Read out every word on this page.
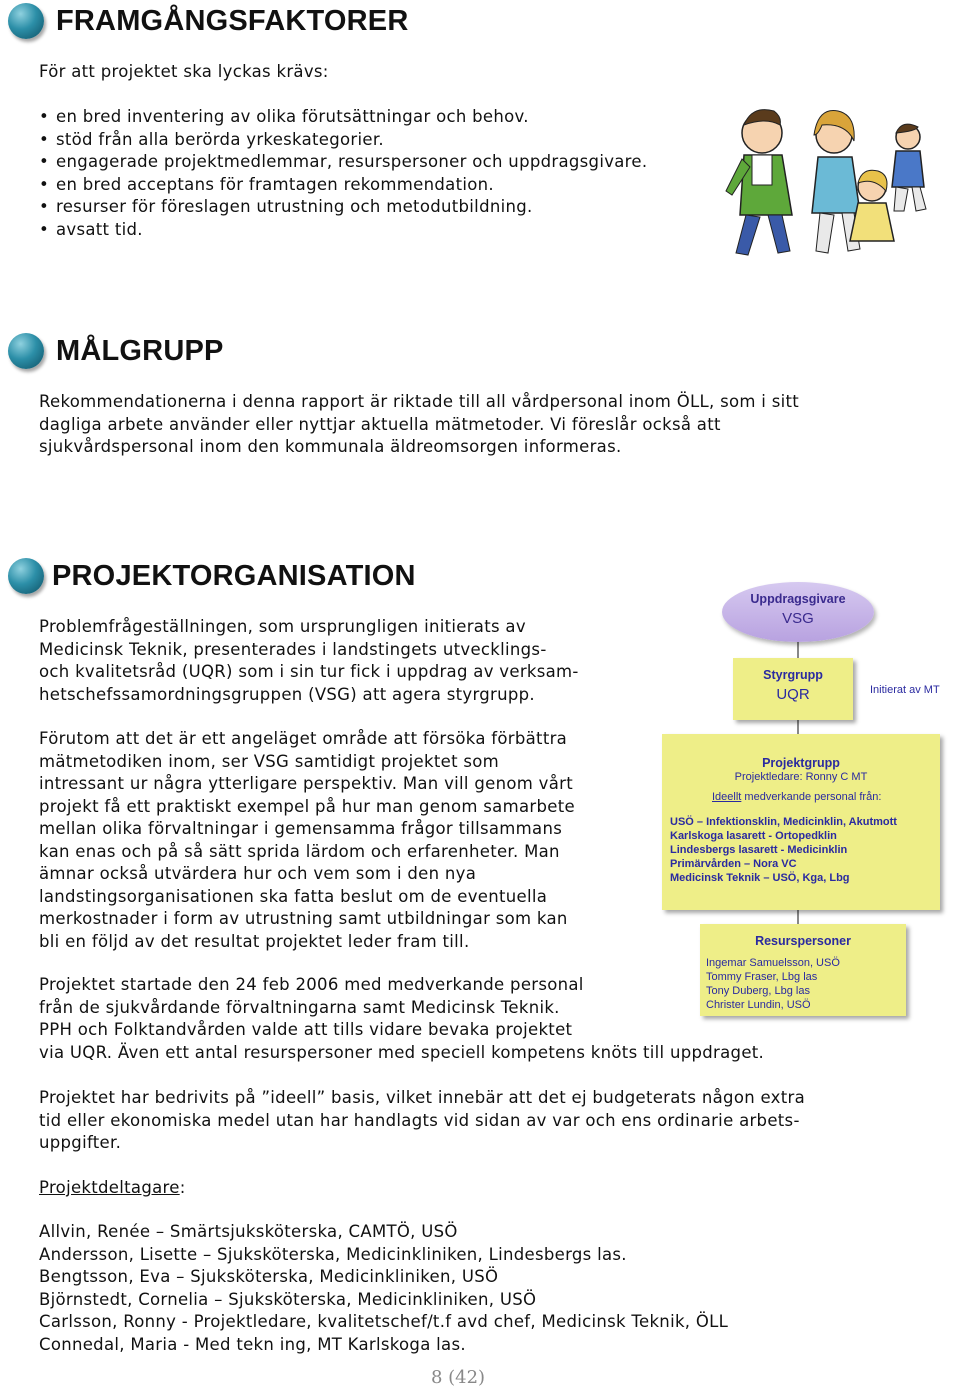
FRAMGÅNGSFAKTORER
För att projektet ska lyckas krävs:
• en bred inventering av olika förutsättningar och behov.
• stöd från alla berörda yrkeskategorier.
• engagerade projektmedlemmar, resurspersoner och uppdragsgivare.
• en bred acceptans för framtagen rekommendation.
• resurser för föreslagen utrustning och metodutbildning.
• avsatt tid.
MÅLGRUPP
Rekommendationerna i denna rapport är riktade till all vårdpersonal inom ÖLL, som i sitt
dagliga arbete använder eller nyttjar aktuella mätmetoder. Vi föreslår också att
sjukvårdspersonal inom den kommunala äldreomsorgen informeras.
PROJEKTORGANISATION
Problemfrågeställningen, som ursprungligen initierats av
Medicinsk Teknik, presenterades i landstingets utvecklings-
och kvalitetsråd (UQR) som i sin tur fick i uppdrag av verksam-
hetschefssamordningsgruppen (VSG) att agera styrgrupp.
Förutom att det är ett angeläget område att försöka förbättra
mätmetodiken inom, ser VSG samtidigt projektet som
intressant ur några ytterligare perspektiv. Man vill genom vårt
projekt få ett praktiskt exempel på hur man genom samarbete
mellan olika förvaltningar i gemensamma frågor tillsammans
kan enas och på så sätt sprida lärdom och erfarenheter. Man
ämnar också utvärdera hur och vem som i den nya
landstingsorganisationen ska fatta beslut om de eventuella
merkostnader i form av utrustning samt utbildningar som kan
bli en följd av det resultat projektet leder fram till.
Projektet startade den 24 feb 2006 med medverkande personal
från de sjukvårdande förvaltningarna samt Medicinsk Teknik.
PPH och Folktandvården valde att tills vidare bevaka projektet
via UQR. Även ett antal resurspersoner med speciell kompetens knöts till uppdraget.
Projektet har bedrivits på ”ideell” basis, vilket innebär att det ej budgeterats någon extra
tid eller ekonomiska medel utan har handlagts vid sidan av var och ens ordinarie arbets-
uppgifter.
Projektdeltagare:
Allvin, Renée – Smärtsjuksköterska, CAMTÖ, USÖ
Andersson, Lisette – Sjuksköterska, Medicinkliniken, Lindesbergs las.
Bengtsson, Eva – Sjuksköterska, Medicinkliniken, USÖ
Björnstedt, Cornelia – Sjuksköterska, Medicinkliniken, USÖ
Carlsson, Ronny - Projektledare, kvalitetschef/t.f avd chef, Medicinsk Teknik, ÖLL
Connedal, Maria - Med tekn ing, MT Karlskoga las.
Uppdragsgivare
VSG
Styrgrupp
UQR	Initierat av MT
Projektgrupp
Projektledare: Ronny C MT
Ideellt medverkande personal från:
USÖ – Infektionsklin, Medicinklin, Akutmott
Karlskoga lasarett - Ortopedklin
Lindesbergs lasarett - Medicinklin
Primärvården – Nora VC
Medicinsk Teknik – USÖ, Kga, Lbg
Resurspersoner
Ingemar Samuelsson, USÖ
Tommy Fraser, Lbg las
Tony Duberg, Lbg las
Christer Lundin, USÖ
8 (42)
